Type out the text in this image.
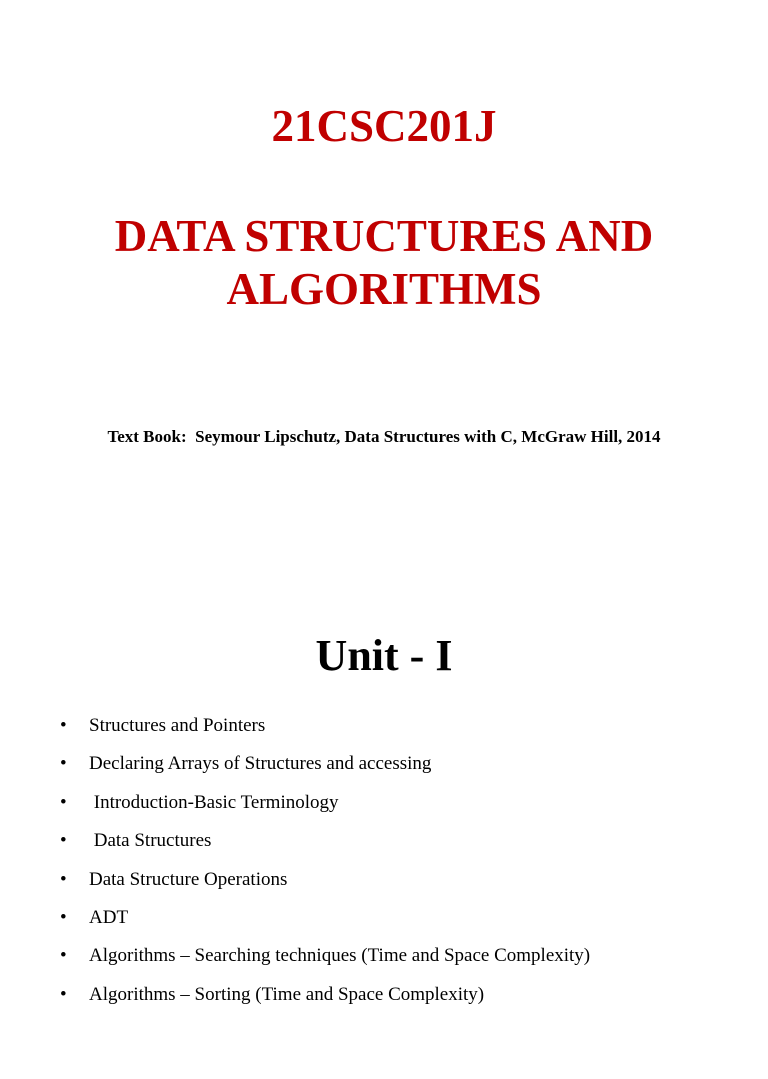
21CSC201J
DATA STRUCTURES AND ALGORITHMS
Text Book:  Seymour Lipschutz, Data Structures with C, McGraw Hill, 2014
Unit - I

•

Structures and Pointers

•

Declaring Arrays of Structures and accessing

•

Introduction-Basic Terminology

•

Data Structures

•

Data Structure Operations

•

ADT

•

Algorithms – Searching techniques (Time and Space Complexity)

•

Algorithms – Sorting (Time and Space Complexity)
